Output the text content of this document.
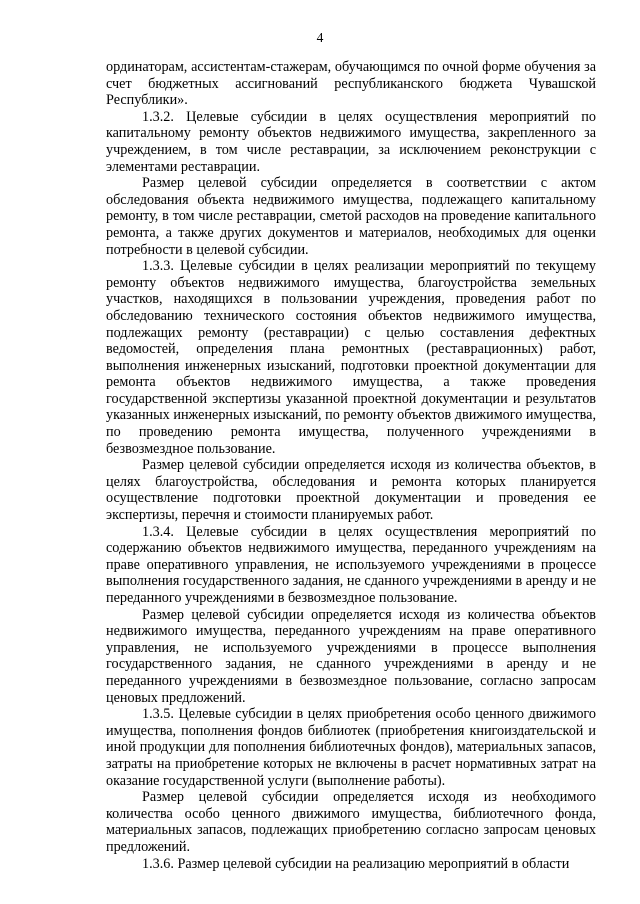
4

ординаторам, ассистентам-стажерам, обучающимся по очной форме обучения за счет бюджетных ассигнований республиканского бюджета Чувашской Республики».

1.3.2. Целевые субсидии в целях осуществления мероприятий по капитальному ремонту объектов недвижимого имущества, закрепленного за учреждением, в том числе реставрации, за исключением реконструкции с элементами реставрации.

Размер целевой субсидии определяется в соответствии с актом обследования объекта недвижимого имущества, подлежащего капитальному ремонту, в том числе реставрации, сметой расходов на проведение капитального ремонта, а также других документов и материалов, необходимых для оценки потребности в целевой субсидии.

1.3.3. Целевые субсидии в целях реализации мероприятий по текущему ремонту объектов недвижимого имущества, благоустройства земельных участков, находящихся в пользовании учреждения, проведения работ по обследованию технического состояния объектов недвижимого имущества, подлежащих ремонту (реставрации) с целью составления дефектных ведомостей, определения плана ремонтных (реставрационных) работ, выполнения инженерных изысканий, подготовки проектной документации для ремонта объектов недвижимого имущества, а также проведения государственной экспертизы указанной проектной документации и результатов указанных инженерных изысканий, по ремонту объектов движимого имущества, по проведению ремонта имущества, полученного учреждениями в безвозмездное пользование.

Размер целевой субсидии определяется исходя из количества объектов, в целях благоустройства, обследования и ремонта которых планируется осуществление подготовки проектной документации и проведения ее экспертизы, перечня и стоимости планируемых работ.

1.3.4. Целевые субсидии в целях осуществления мероприятий по содержанию объектов недвижимого имущества, переданного учреждениям на праве оперативного управления, не используемого учреждениями в процессе выполнения государственного задания, не сданного учреждениями в аренду и не переданного учреждениями в безвозмездное пользование.

Размер целевой субсидии определяется исходя из количества объектов недвижимого имущества, переданного учреждениям на праве оперативного управления, не используемого учреждениями в процессе выполнения государственного задания, не сданного учреждениями в аренду и не переданного учреждениями в безвозмездное пользование, согласно запросам ценовых предложений.

1.3.5. Целевые субсидии в целях приобретения особо ценного движимого имущества, пополнения фондов библиотек (приобретения книгоиздательской и иной продукции для пополнения библиотечных фондов), материальных запасов, затраты на приобретение которых не включены в расчет нормативных затрат на оказание государственной услуги (выполнение работы).

Размер целевой субсидии определяется исходя из необходимого количества особо ценного движимого имущества, библиотечного фонда, материальных запасов, подлежащих приобретению согласно запросам ценовых предложений.

1.3.6. Размер целевой субсидии на реализацию мероприятий в области
